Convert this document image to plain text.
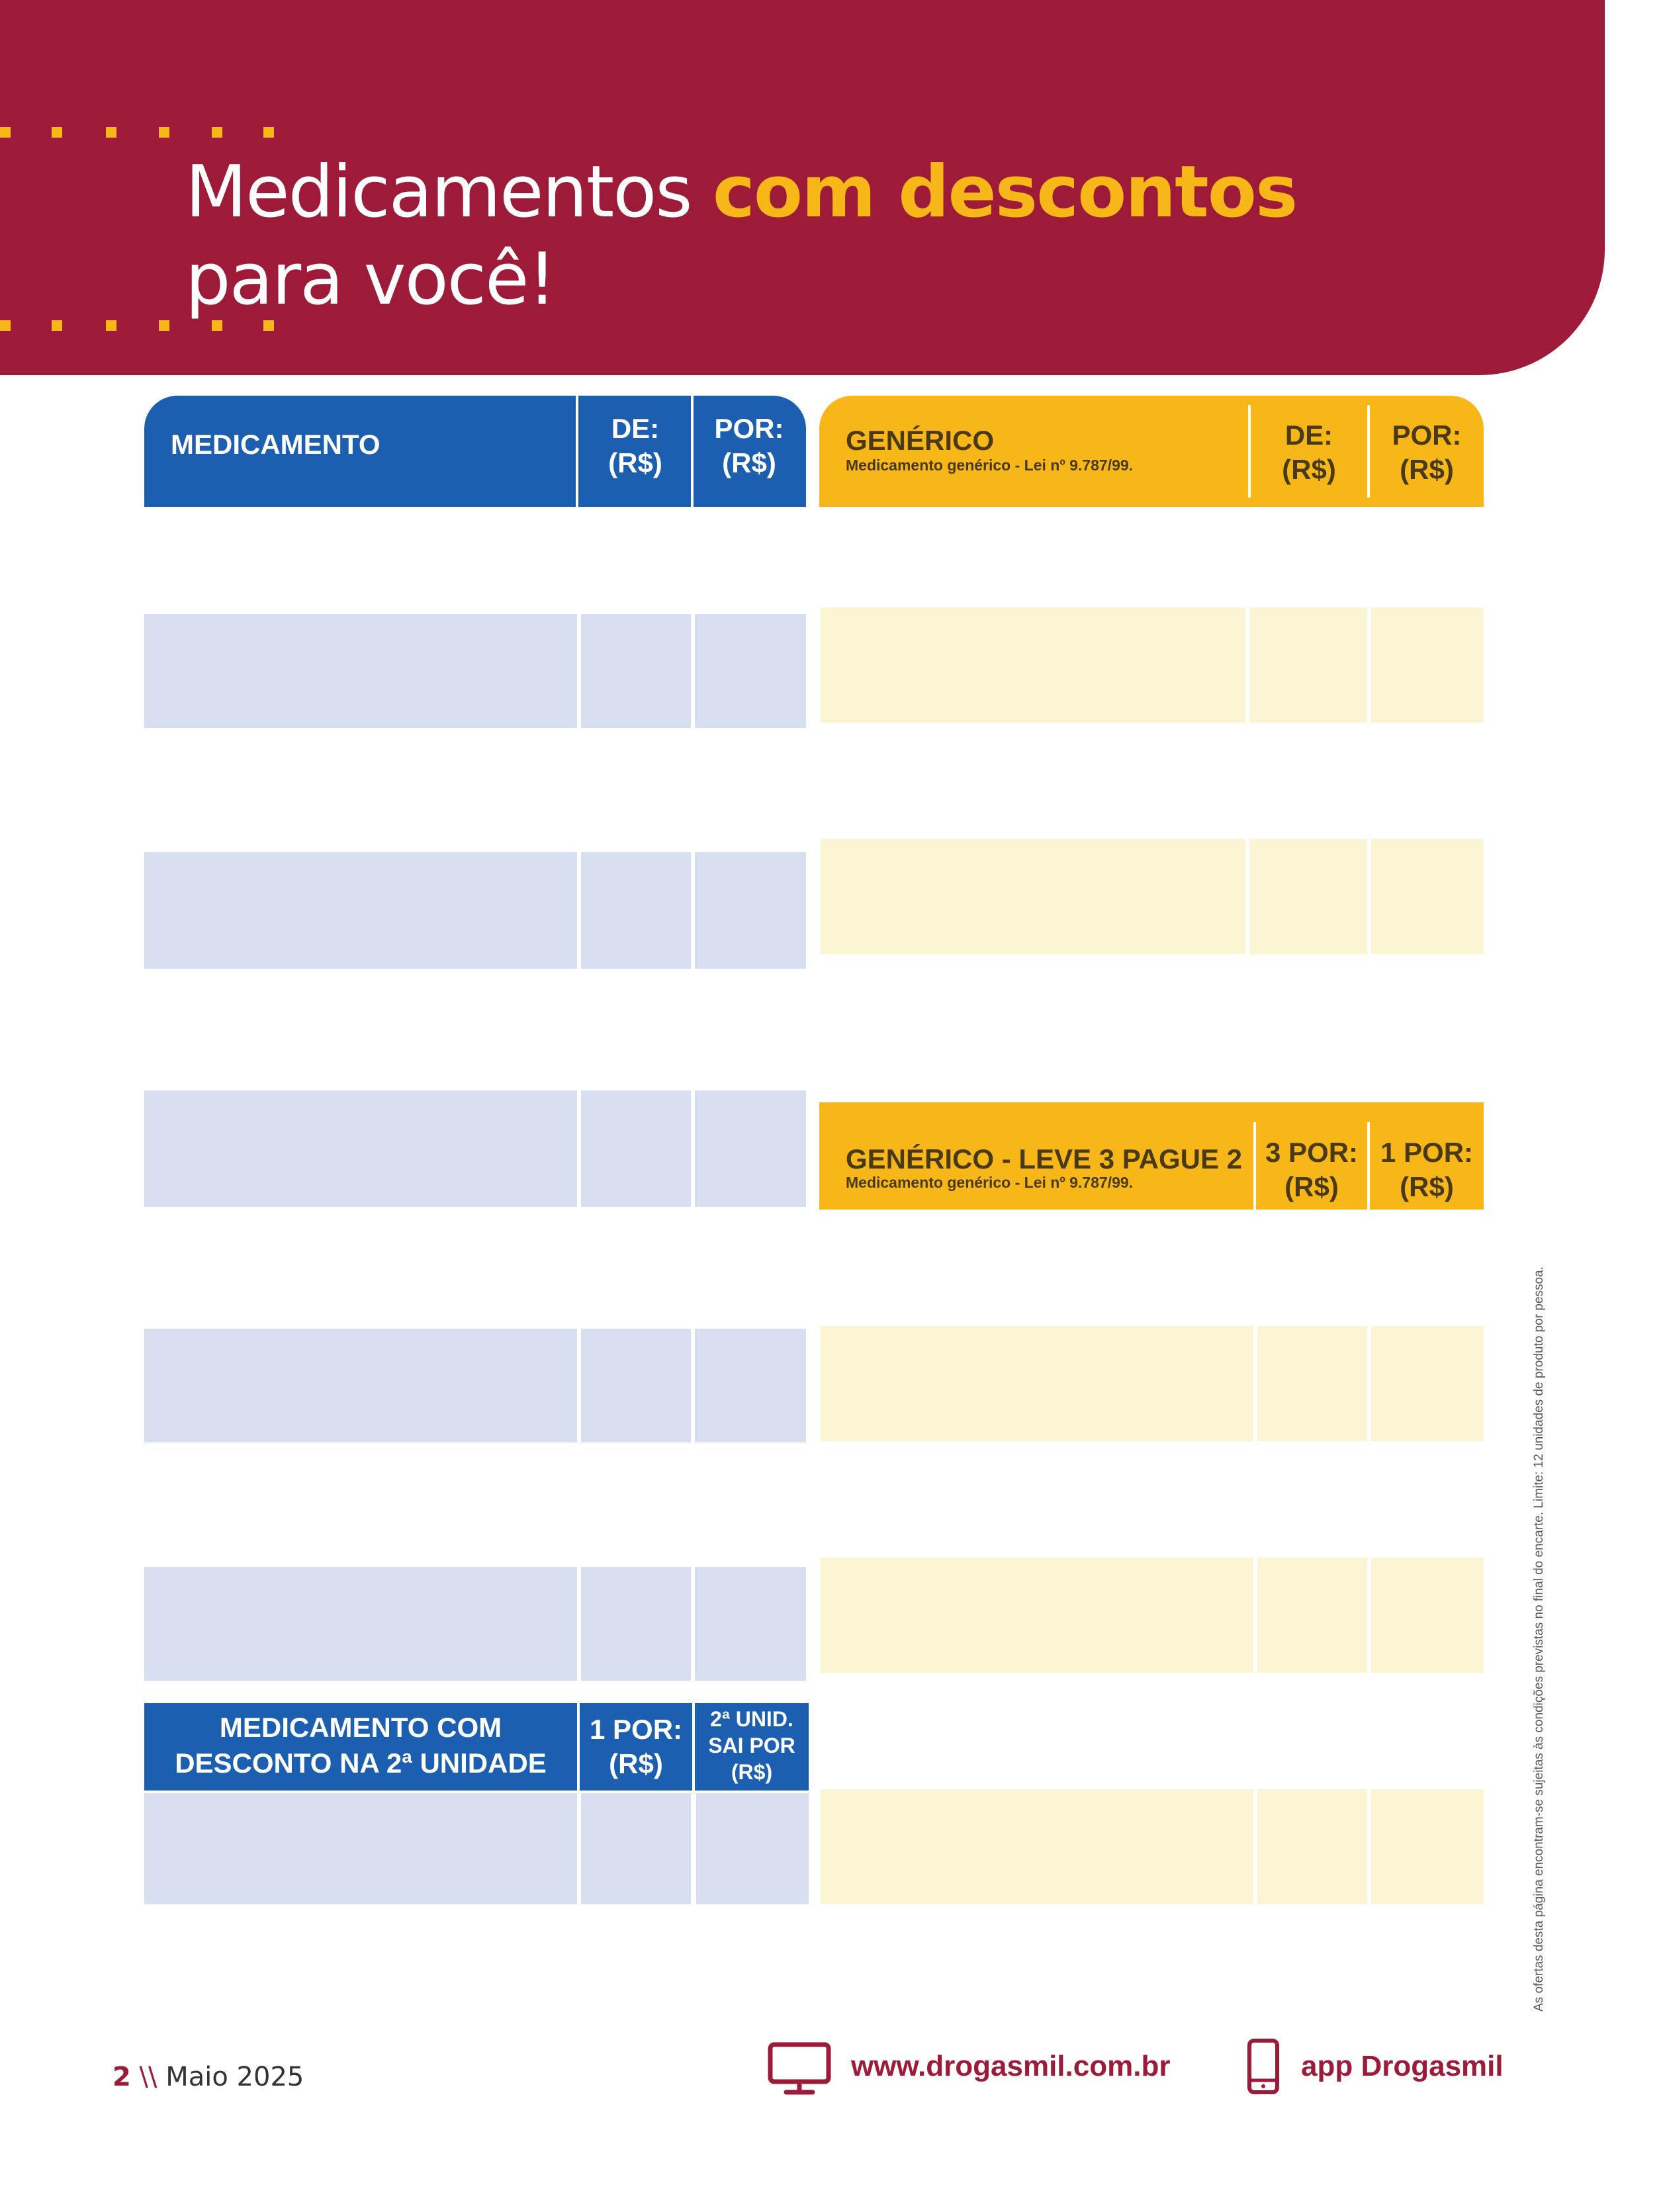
Medicamentos com descontos
para você!
MEDICAMENTO
DE:
(R$)
POR:
(R$)
MEDICAMENTO COM
DESCONTO NA 2ª UNIDADE
1 POR:
(R$)
2ª UNID.
SAI POR
(R$)
GENÉRICO
Medicamento genérico - Lei nº 9.787/99.
DE:
(R$)
POR:
(R$)
GENÉRICO - LEVE 3 PAGUE 2
Medicamento genérico - Lei nº 9.787/99.
3 POR:
(R$)
1 POR:
(R$)
As ofertas desta página encontram-se sujeitas às condições previstas no final do encarte. Limite: 12 unidades de produto por pessoa.
2 \\ Maio 2025	www.drogasmil.com.br	app Drogasmil
